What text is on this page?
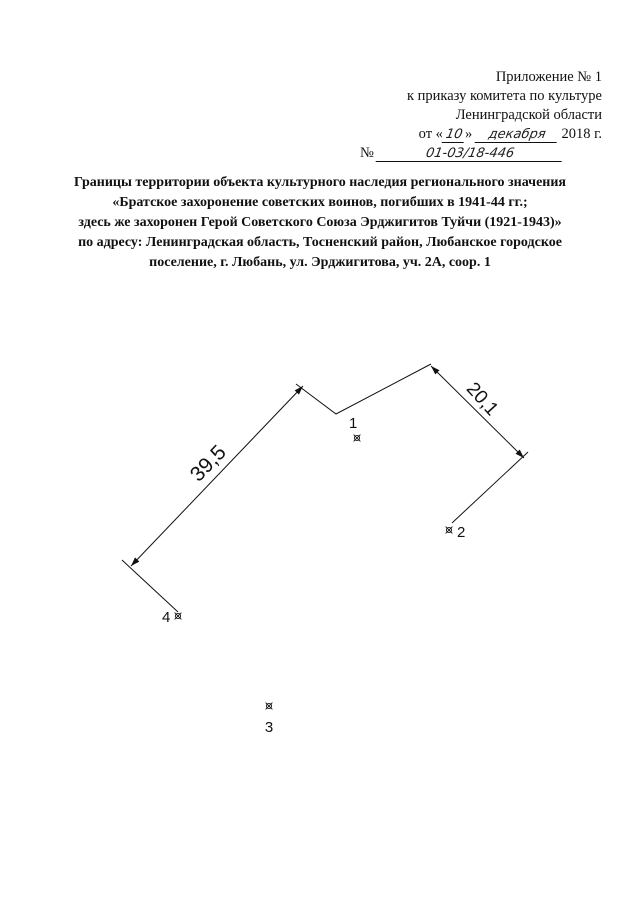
Приложение № 1
к приказу комитета по культуре
Ленинградской области
от «10» декабря 2018 г.
№	01-03/18-446
Границы территории объекта культурного наследия регионального значения
«Братское захоронение советских воинов, погибших в 1941-44 гг.;
здесь же захоронен Герой Советского Союза Эрджигитов Туйчи (1921-1943)»
по адресу: Ленинградская область, Тосненский район, Любанское городское
поселение, г. Любань, ул. Эрджигитова, уч. 2А, соор. 1
39,5
20,1
1
2
3
4
